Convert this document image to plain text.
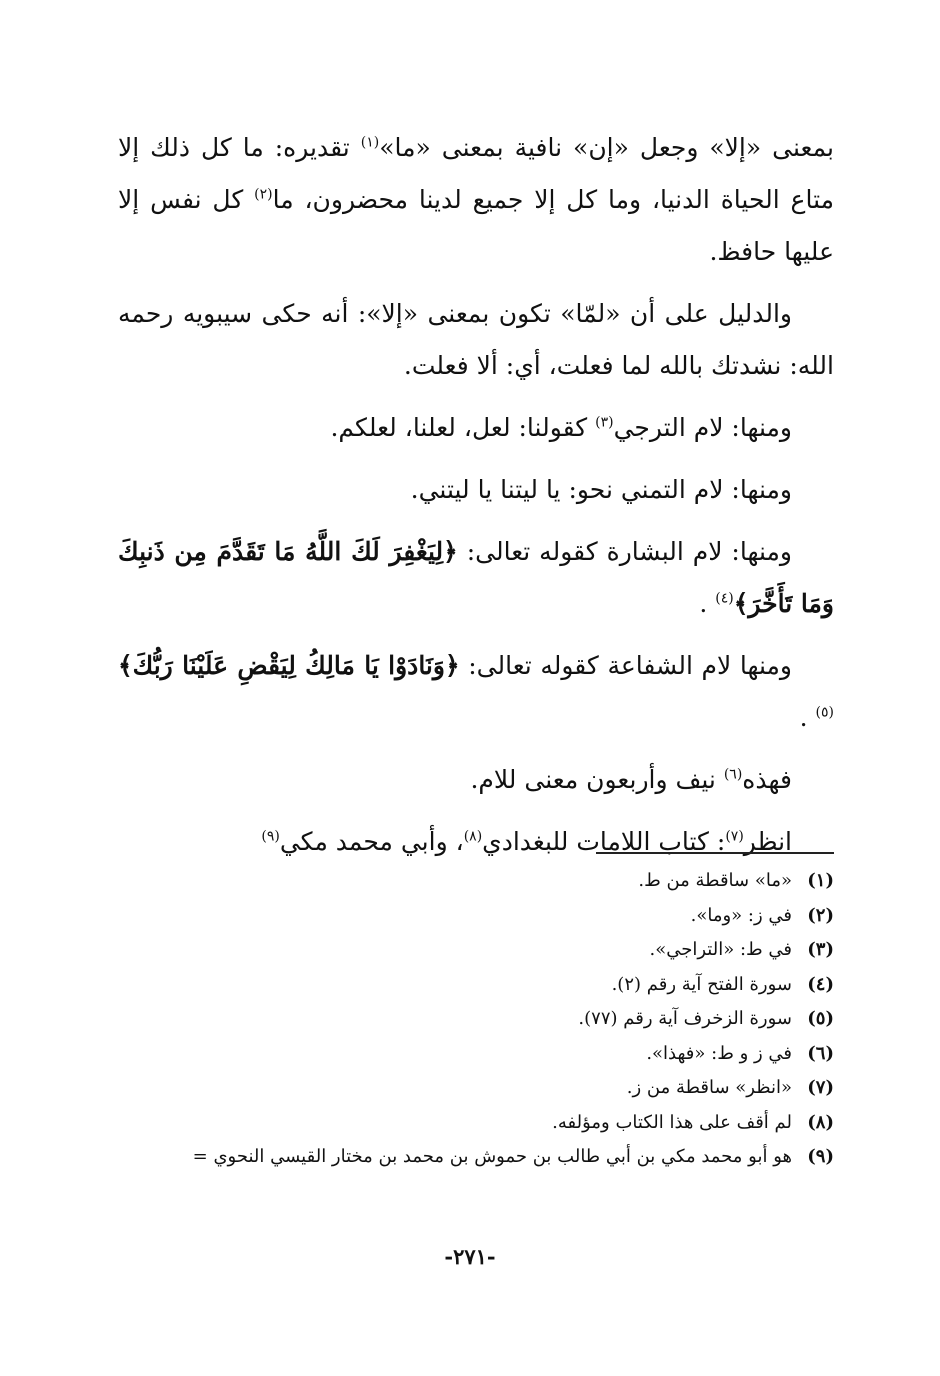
بمعنى «إلا» وجعل «إن» نافية بمعنى «ما»$^{(١)}$ تقديره: ما كل ذلك إلا متاع الحياة الدنيا، وما كل إلا جميع لدينا محضرون، ما$^{(٢)}$ كل نفس إلا عليها حافظ.

والدليل على أن «لمّا» تكون بمعنى «إلا»: أنه حكى سيبويه رحمه الله: نشدتك بالله لما فعلت، أي: ألا فعلت.

ومنها: لام الترجي$^{(٣)}$ كقولنا: لعل، لعلنا، لعلكم.

ومنها: لام التمني نحو: يا ليتنا يا ليتني.

ومنها: لام البشارة كقوله تعالى: ﴿لِيَغْفِرَ لَكَ اللَّهُ مَا تَقَدَّمَ مِن ذَنبِكَ وَمَا تَأَخَّرَ﴾$^{(٤)}$ .

ومنها لام الشفاعة كقوله تعالى: ﴿وَنَادَوْا يَا مَالِكُ لِيَقْضِ عَلَيْنَا رَبُّكَ﴾$^{(٥)}$ .

فهذه$^{(٦)}$ نيف وأربعون معنى للام.

انظر$^{(٧)}$: كتاب اللامات للبغدادي$^{(٨)}$، وأبي محمد مكي$^{(٩)}$

(١)«ما» ساقطة من ط.
(٢)في ز: «وما».
(٣)في ط: «التراجي».
(٤)سورة الفتح آية رقم (٢).
(٥)سورة الزخرف آية رقم (٧٧).
(٦)في ز و ط: «فهذا».
(٧)«انظر» ساقطة من ز.
(٨)لم أقف على هذا الكتاب ومؤلفه.
(٩)هو أبو محمد مكي بن أبي طالب بن حموش بن محمد بن مختار القيسي النحوي =
-٢٧١-
